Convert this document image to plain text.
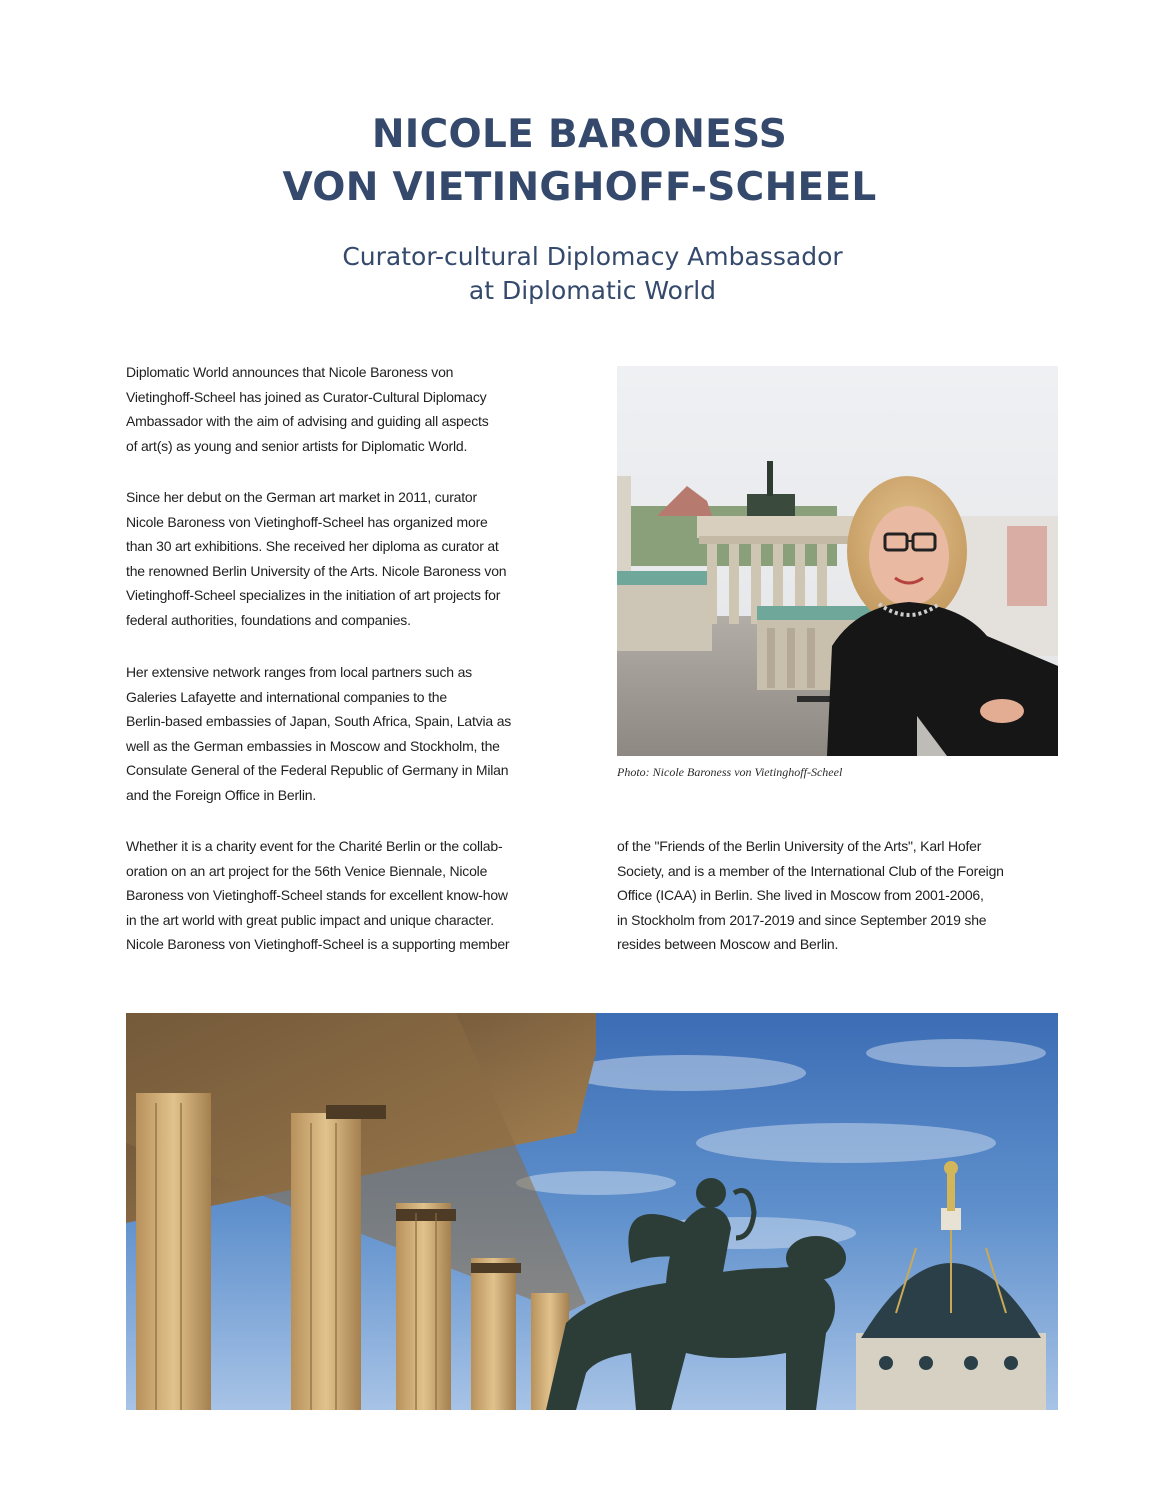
NICOLE BARONESS
VON VIETINGHOFF-SCHEEL
Curator-cultural Diplomacy Ambassador
at Diplomatic World

Diplomatic World announces that Nicole Baroness von

Vietinghoff-Scheel has joined as Curator-Cultural Diplomacy

Ambassador with the aim of advising and guiding all aspects

of art(s) as young and senior artists for Diplomatic World.

Since her debut on the German art market in 2011, curator

Nicole Baroness von Vietinghoff-Scheel has organized more

than 30 art exhibitions. She received her diploma as curator at

the renowned Berlin University of the Arts. Nicole Baroness von

Vietinghoff-Scheel specializes in the initiation of art projects for

federal authorities, foundations and companies.

Her extensive network ranges from local partners such as

Galeries Lafayette and international companies to the

Berlin-based embassies of Japan, South Africa, Spain, Latvia as

well as the German embassies in Moscow and Stockholm, the

Consulate General of the Federal Republic of Germany in Milan

and the Foreign Office in Berlin.

Whether it is a charity event for the Charité Berlin or the collab-

oration on an art project for the 56th Venice Biennale, Nicole

Baroness von Vietinghoff-Scheel stands for excellent know-how

in the art world with great public impact and unique character.

Nicole Baroness von Vietinghoff-Scheel is a supporting member

of the "Friends of the Berlin University of the Arts", Karl Hofer

Society, and is a member of the International Club of the Foreign

Office (ICAA) in Berlin. She lived in Moscow from 2001-2006,

in Stockholm from 2017-2019 and since September 2019 she

resides between Moscow and Berlin.

Photo: Nicole Baroness von Vietinghoff-Scheel
